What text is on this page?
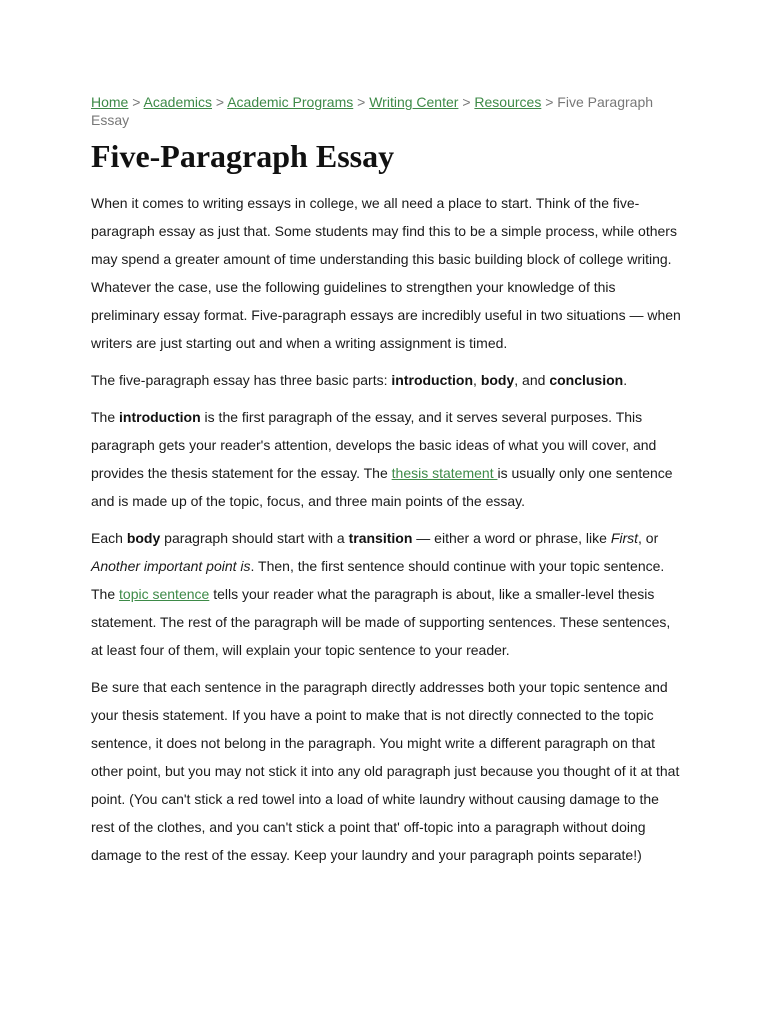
Home > Academics > Academic Programs > Writing Center > Resources > Five Paragraph Essay
Five-Paragraph Essay

When it comes to writing essays in college, we all need a place to start. Think of the five-paragraph essay as just that. Some students may find this to be a simple process, while others may spend a greater amount of time understanding this basic building block of college writing. Whatever the case, use the following guidelines to strengthen your knowledge of this preliminary essay format. Five-paragraph essays are incredibly useful in two situations — when writers are just starting out and when a writing assignment is timed.

The five-paragraph essay has three basic parts: introduction, body, and conclusion.

The introduction is the first paragraph of the essay, and it serves several purposes. This paragraph gets your reader's attention, develops the basic ideas of what you will cover, and provides the thesis statement for the essay. The thesis statement is usually only one sentence and is made up of the topic, focus, and three main points of the essay.

Each body paragraph should start with a transition — either a word or phrase, like First, or Another important point is. Then, the first sentence should continue with your topic sentence. The topic sentence tells your reader what the paragraph is about, like a smaller-level thesis statement. The rest of the paragraph will be made of supporting sentences. These sentences, at least four of them, will explain your topic sentence to your reader.

Be sure that each sentence in the paragraph directly addresses both your topic sentence and your thesis statement. If you have a point to make that is not directly connected to the topic sentence, it does not belong in the paragraph. You might write a different paragraph on that other point, but you may not stick it into any old paragraph just because you thought of it at that point. (You can't stick a red towel into a load of white laundry without causing damage to the rest of the clothes, and you can't stick a point that' off-topic into a paragraph without doing damage to the rest of the essay. Keep your laundry and your paragraph points separate!)
